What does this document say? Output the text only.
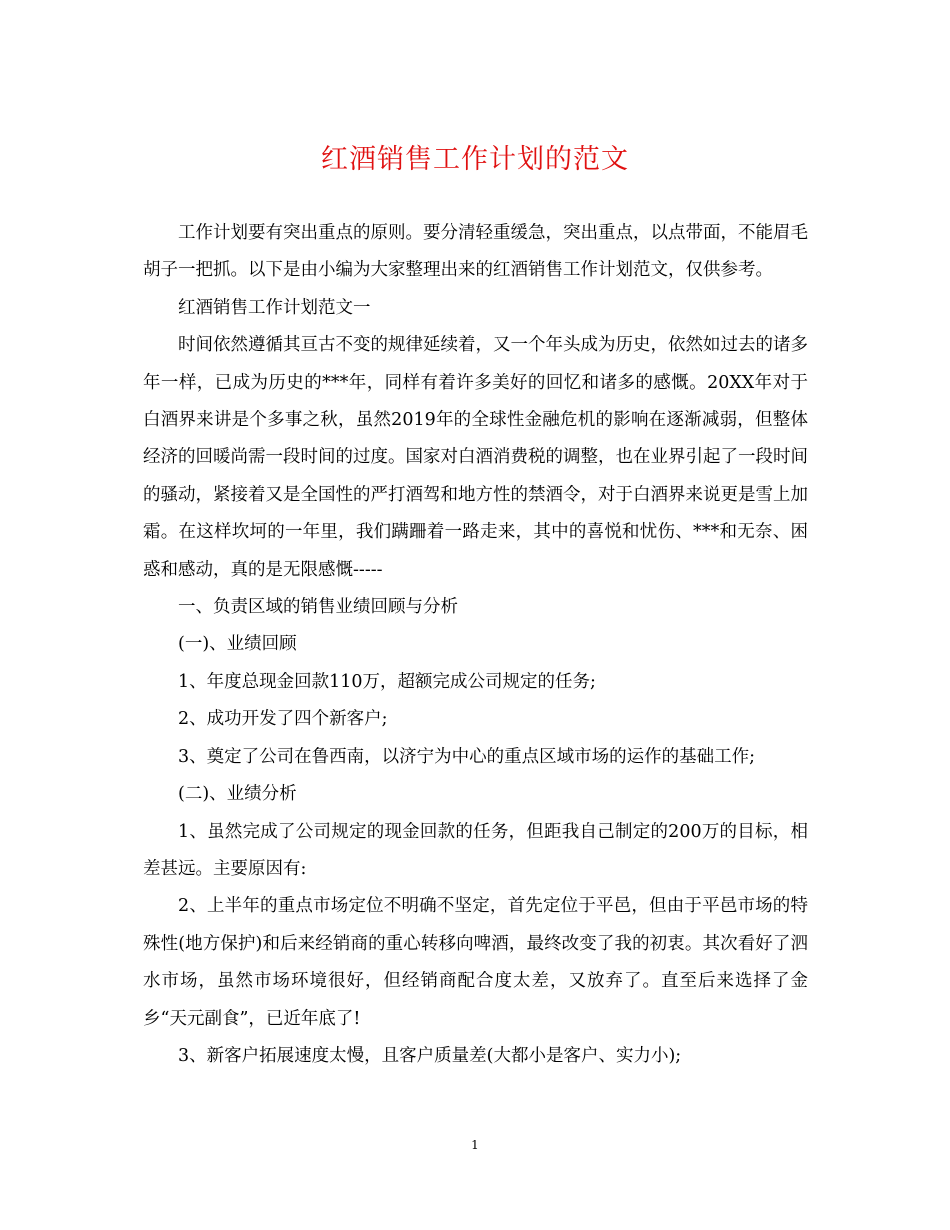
红酒销售工作计划的范文

工作计划要有突出重点的原则。要分清轻重缓急，突出重点，以点带面，不能眉毛胡子一把抓。以下是由小编为大家整理出来的红酒销售工作计划范文，仅供参考。

红酒销售工作计划范文一

时间依然遵循其亘古不变的规律延续着，又一个年头成为历史，依然如过去的诸多年一样，已成为历史的***年，同样有着许多美好的回忆和诸多的感慨。20XX年对于白酒界来讲是个多事之秋，虽然2019年的全球性金融危机的影响在逐渐减弱，但整体经济的回暖尚需一段时间的过度。国家对白酒消费税的调整，也在业界引起了一段时间的骚动，紧接着又是全国性的严打酒驾和地方性的禁酒令，对于白酒界来说更是雪上加霜。在这样坎坷的一年里，我们蹒跚着一路走来，其中的喜悦和忧伤、***和无奈、困惑和感动，真的是无限感慨-----

一、负责区域的销售业绩回顾与分析

(一)、业绩回顾

1、年度总现金回款110万，超额完成公司规定的任务;

2、成功开发了四个新客户;

3、奠定了公司在鲁西南，以济宁为中心的重点区域市场的运作的基础工作;

(二)、业绩分析

1、虽然完成了公司规定的现金回款的任务，但距我自己制定的200万的目标，相差甚远。主要原因有:

2、上半年的重点市场定位不明确不坚定，首先定位于平邑，但由于平邑市场的特殊性(地方保护)和后来经销商的重心转移向啤酒，最终改变了我的初衷。其次看好了泗水市场，虽然市场环境很好，但经销商配合度太差，又放弃了。直至后来选择了金乡“天元副食”，已近年底了!

3、新客户拓展速度太慢，且客户质量差(大都小是客户、实力小);

1
